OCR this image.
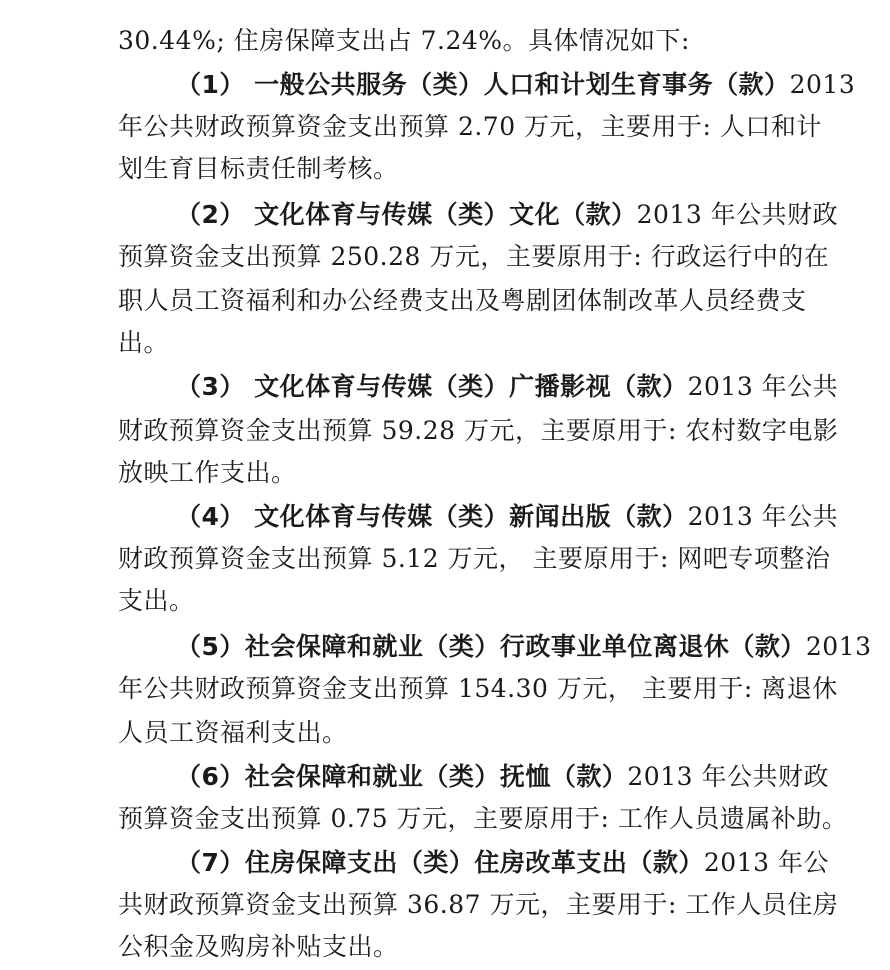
30.44%; 住房保障支出占 7.24%。具体情况如下:
（1） 一般公共服务（类）人口和计划生育事务（款）2013
年公共财政预算资金支出预算 2.70 万元，主要用于: 人口和计
划生育目标责任制考核。
（2） 文化体育与传媒（类）文化（款）2013 年公共财政
预算资金支出预算 250.28 万元，主要原用于: 行政运行中的在
职人员工资福利和办公经费支出及粤剧团体制改革人员经费支
出。
（3） 文化体育与传媒（类）广播影视（款）2013 年公共
财政预算资金支出预算 59.28 万元，主要原用于: 农村数字电影
放映工作支出。
（4） 文化体育与传媒（类）新闻出版（款）2013 年公共
财政预算资金支出预算 5.12 万元， 主要原用于: 网吧专项整治
支出。
（5）社会保障和就业（类）行政事业单位离退休（款）2013
年公共财政预算资金支出预算 154.30 万元， 主要用于: 离退休
人员工资福利支出。
（6）社会保障和就业（类）抚恤（款）2013 年公共财政
预算资金支出预算 0.75 万元，主要原用于: 工作人员遗属补助。
（7）住房保障支出（类）住房改革支出（款）2013 年公
共财政预算资金支出预算 36.87 万元，主要用于: 工作人员住房
公积金及购房补贴支出。
